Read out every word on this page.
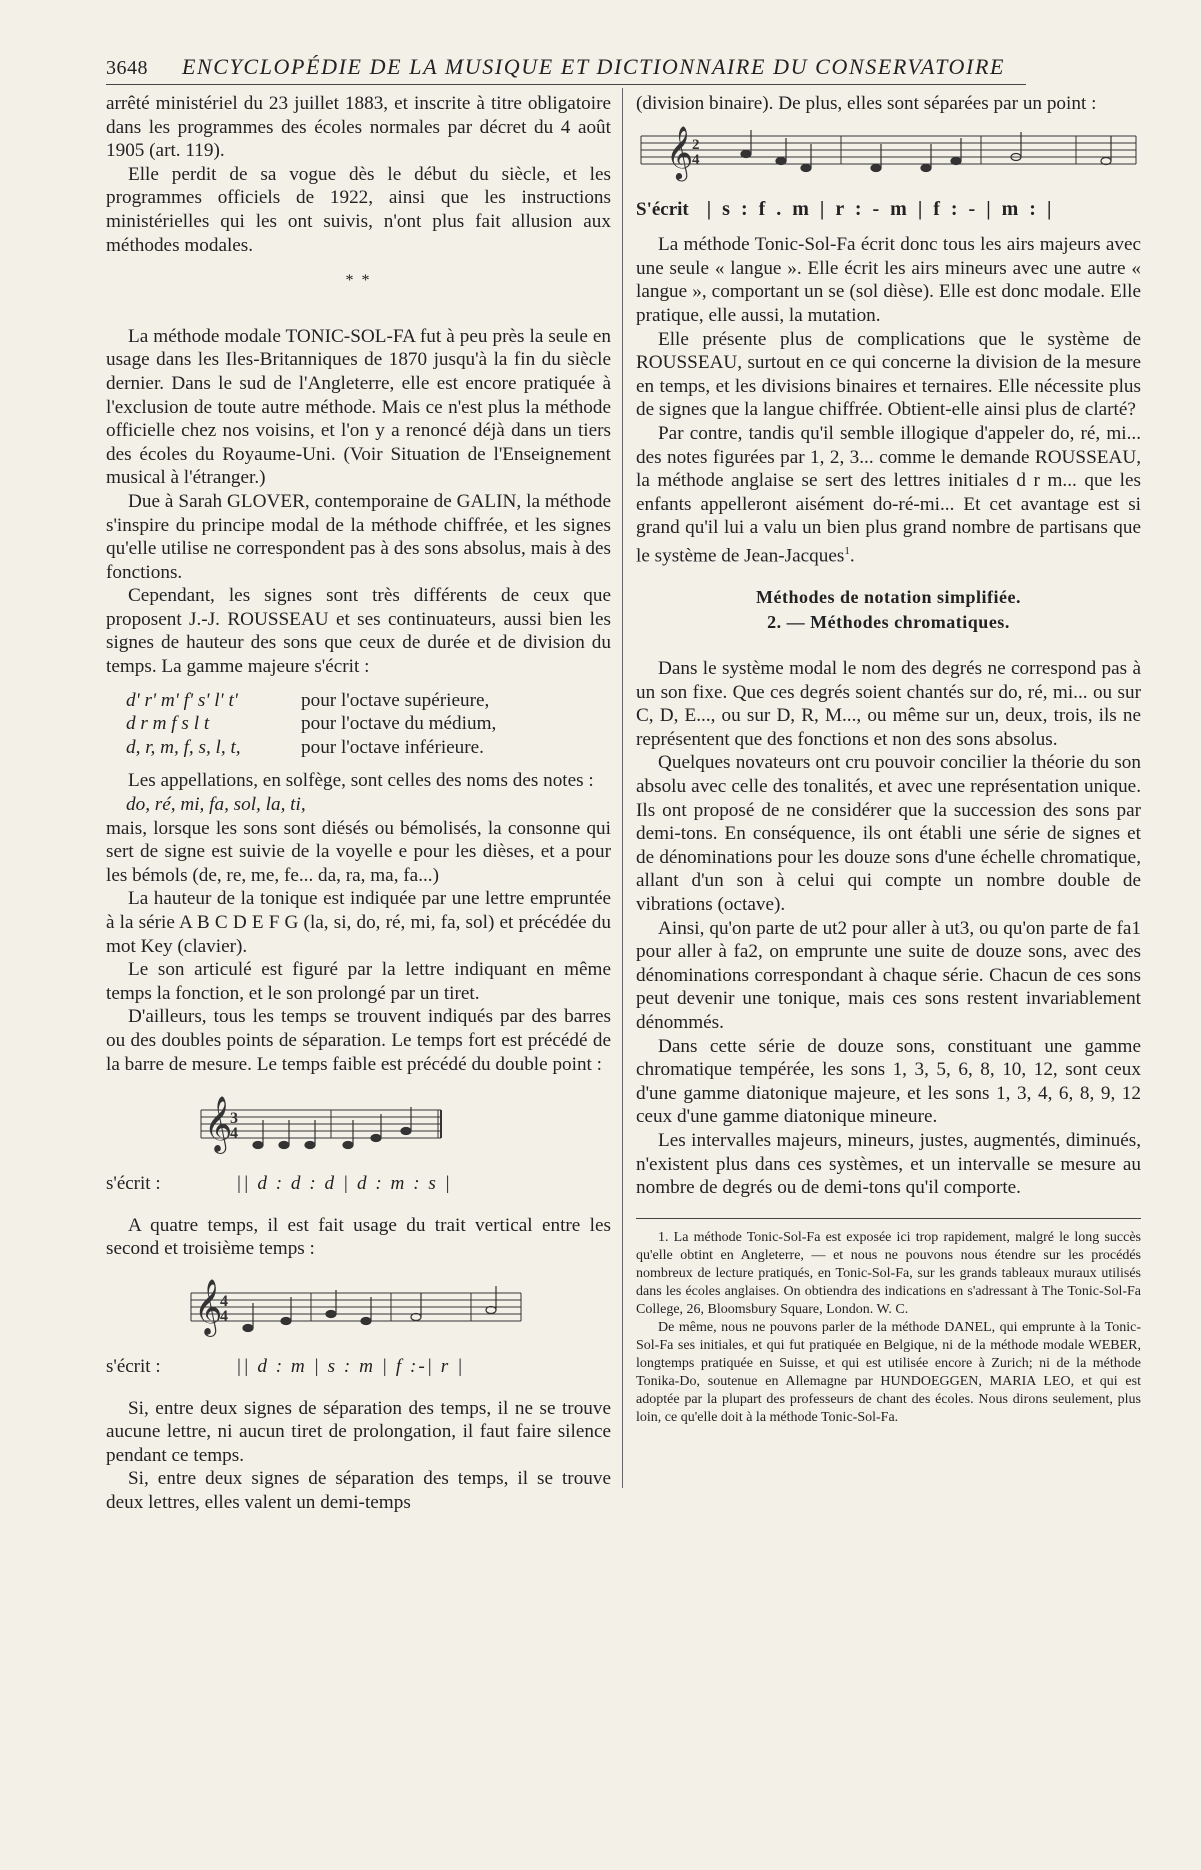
3648 ENCYCLOPÉDIE DE LA MUSIQUE ET DICTIONNAIRE DU CONSERVATOIRE

arrêté ministériel du 23 juillet 1883, et inscrite à titre obligatoire dans les programmes des écoles normales par décret du 4 août 1905 (art. 119).

Elle perdit de sa vogue dès le début du siècle, et les programmes officiels de 1922, ainsi que les instructions ministérielles qui les ont suivis, n'ont plus fait allusion aux méthodes modales.

* *

La méthode modale TONIC-SOL-FA fut à peu près la seule en usage dans les Iles-Britanniques de 1870 jusqu'à la fin du siècle dernier. Dans le sud de l'Angleterre, elle est encore pratiquée à l'exclusion de toute autre méthode. Mais ce n'est plus la méthode officielle chez nos voisins, et l'on y a renoncé déjà dans un tiers des écoles du Royaume-Uni. (Voir Situation de l'Enseignement musical à l'étranger.)

Due à Sarah GLOVER, contemporaine de GALIN, la méthode s'inspire du principe modal de la méthode chiffrée, et les signes qu'elle utilise ne correspondent pas à des sons absolus, mais à des fonctions.

Cependant, les signes sont très différents de ceux que proposent J.-J. ROUSSEAU et ses continuateurs, aussi bien les signes de hauteur des sons que ceux de durée et de division du temps. La gamme majeure s'écrit :

d' r' m' f' s' l' t'	pour l'octave supérieure,
d r m f s l t	pour l'octave du médium,
d, r, m, f, s, l, t,	pour l'octave inférieure.

Les appellations, en solfège, sont celles des noms des notes :

do, ré, mi, fa, sol, la, ti,

mais, lorsque les sons sont diésés ou bémolisés, la consonne qui sert de signe est suivie de la voyelle e pour les dièses, et a pour les bémols (de, re, me, fe... da, ra, ma, fa...)

La hauteur de la tonique est indiquée par une lettre empruntée à la série A B C D E F G (la, si, do, ré, mi, fa, sol) et précédée du mot Key (clavier).

Le son articulé est figuré par la lettre indiquant en même temps la fonction, et le son prolongé par un tiret.

D'ailleurs, tous les temps se trouvent indiqués par des barres ou des doubles points de séparation. Le temps fort est précédé de la barre de mesure. Le temps faible est précédé du double point :

𝄞
3
4
s'écrit :	|| d : d : d | d : m : s |

A quatre temps, il est fait usage du trait vertical entre les second et troisième temps :

𝄞
4
4
s'écrit :	|| d : m | s : m | f :-| r |

Si, entre deux signes de séparation des temps, il ne se trouve aucune lettre, ni aucun tiret de prolongation, il faut faire silence pendant ce temps.

Si, entre deux signes de séparation des temps, il se trouve deux lettres, elles valent un demi-temps

(division binaire). De plus, elles sont séparées par un point :

𝄞
2
4
S'écrit | s : f . m | r : - m | f : - | m : |

La méthode Tonic-Sol-Fa écrit donc tous les airs majeurs avec une seule « langue ». Elle écrit les airs mineurs avec une autre « langue », comportant un se (sol dièse). Elle est donc modale. Elle pratique, elle aussi, la mutation.

Elle présente plus de complications que le système de ROUSSEAU, surtout en ce qui concerne la division de la mesure en temps, et les divisions binaires et ternaires. Elle nécessite plus de signes que la langue chiffrée. Obtient-elle ainsi plus de clarté?

Par contre, tandis qu'il semble illogique d'appeler do, ré, mi... des notes figurées par 1, 2, 3... comme le demande ROUSSEAU, la méthode anglaise se sert des lettres initiales d r m... que les enfants appelleront aisément do-ré-mi... Et cet avantage est si grand qu'il lui a valu un bien plus grand nombre de partisans que le système de Jean-Jacques$^1$.

Méthodes de notation simplifiée.
2. — Méthodes chromatiques.

Dans le système modal le nom des degrés ne correspond pas à un son fixe. Que ces degrés soient chantés sur do, ré, mi... ou sur C, D, E..., ou sur D, R, M..., ou même sur un, deux, trois, ils ne représentent que des fonctions et non des sons absolus.

Quelques novateurs ont cru pouvoir concilier la théorie du son absolu avec celle des tonalités, et avec une représentation unique. Ils ont proposé de ne considérer que la succession des sons par demi-tons. En conséquence, ils ont établi une série de signes et de dénominations pour les douze sons d'une échelle chromatique, allant d'un son à celui qui compte un nombre double de vibrations (octave).

Ainsi, qu'on parte de ut2 pour aller à ut3, ou qu'on parte de fa1 pour aller à fa2, on emprunte une suite de douze sons, avec des dénominations correspondant à chaque série. Chacun de ces sons peut devenir une tonique, mais ces sons restent invariablement dénommés.

Dans cette série de douze sons, constituant une gamme chromatique tempérée, les sons 1, 3, 5, 6, 8, 10, 12, sont ceux d'une gamme diatonique majeure, et les sons 1, 3, 4, 6, 8, 9, 12 ceux d'une gamme diatonique mineure.

Les intervalles majeurs, mineurs, justes, augmentés, diminués, n'existent plus dans ces systèmes, et un intervalle se mesure au nombre de degrés ou de demi-tons qu'il comporte.

1. La méthode Tonic-Sol-Fa est exposée ici trop rapidement, malgré le long succès qu'elle obtint en Angleterre, — et nous ne pouvons nous étendre sur les procédés nombreux de lecture pratiqués, en Tonic-Sol-Fa, sur les grands tableaux muraux utilisés dans les écoles anglaises. On obtiendra des indications en s'adressant à The Tonic-Sol-Fa College, 26, Bloomsbury Square, London. W. C.

De même, nous ne pouvons parler de la méthode DANEL, qui emprunte à la Tonic-Sol-Fa ses initiales, et qui fut pratiquée en Belgique, ni de la méthode modale WEBER, longtemps pratiquée en Suisse, et qui est utilisée encore à Zurich; ni de la méthode Tonika-Do, soutenue en Allemagne par HUNDOEGGEN, MARIA LEO, et qui est adoptée par la plupart des professeurs de chant des écoles. Nous dirons seulement, plus loin, ce qu'elle doit à la méthode Tonic-Sol-Fa.
